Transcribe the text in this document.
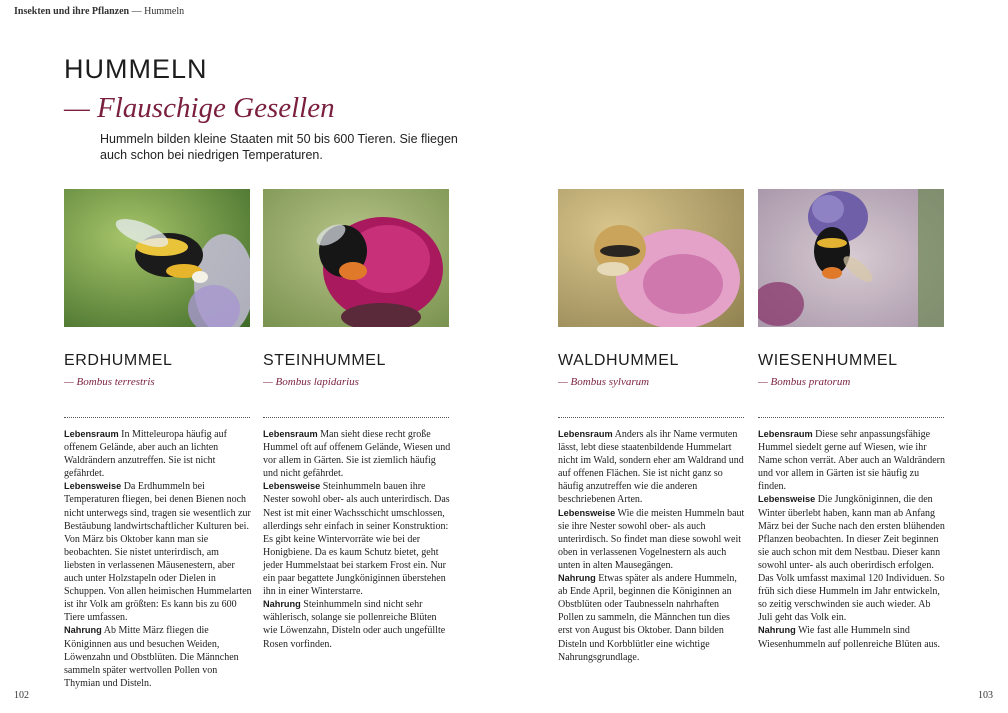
Insekten und ihre Pflanzen — Hummeln
HUMMELN
— Flauschige Gesellen
Hummeln bilden kleine Staaten mit 50 bis 600 Tieren. Sie fliegen auch schon bei niedrigen Temperaturen.
ERDHUMMEL
— Bombus terrestris

Lebensraum In Mitteleuropa häufig auf offenem Gelände, aber auch an lichten Waldrändern anzutreffen. Sie ist nicht gefährdet.

Lebensweise Da Erdhummeln bei Temperaturen fliegen, bei denen Bienen noch nicht unterwegs sind, tragen sie wesentlich zur Bestäubung landwirtschaftlicher Kulturen bei. Von März bis Oktober kann man sie beobachten. Sie nistet unterirdisch, am liebsten in verlassenen Mäusenestern, aber auch unter Holzstapeln oder Dielen in Schuppen. Von allen heimischen Hummelarten ist ihr Volk am größten: Es kann bis zu 600 Tiere umfassen.

Nahrung Ab Mitte März fliegen die Königinnen aus und besuchen Weiden, Löwenzahn und Obstblüten. Die Männchen sammeln später wertvollen Pollen von Thymian und Disteln.

STEINHUMMEL
— Bombus lapidarius

Lebensraum Man sieht diese recht große Hummel oft auf offenem Gelände, Wiesen und vor allem in Gärten. Sie ist ziemlich häufig und nicht gefährdet.

Lebensweise Steinhummeln bauen ihre Nester sowohl ober- als auch unterirdisch. Das Nest ist mit einer Wachsschicht umschlossen, allerdings sehr einfach in seiner Konstruktion: Es gibt keine Wintervorräte wie bei der Honigbiene. Da es kaum Schutz bietet, geht jeder Hummelstaat bei starkem Frost ein. Nur ein paar begattete Jungköniginnen überstehen ihn in einer Winterstarre.

Nahrung Steinhummeln sind nicht sehr wählerisch, solange sie pollenreiche Blüten wie Löwenzahn, Disteln oder auch ungefüllte Rosen vorfinden.

WALDHUMMEL
— Bombus sylvarum

Lebensraum Anders als ihr Name vermuten lässt, lebt diese staatenbildende Hummelart nicht im Wald, sondern eher am Waldrand und auf offenen Flächen. Sie ist nicht ganz so häufig anzutreffen wie die anderen beschriebenen Arten.

Lebensweise Wie die meisten Hummeln baut sie ihre Nester sowohl ober- als auch unterirdisch. So findet man diese sowohl weit oben in verlassenen Vogelnestern als auch unten in alten Mausegängen.

Nahrung Etwas später als andere Hummeln, ab Ende April, beginnen die Königinnen an Obstblüten oder Taubnesseln nahrhaften Pollen zu sammeln, die Männchen tun dies erst von August bis Oktober. Dann bilden Disteln und Korbblütler eine wichtige Nahrungsgrundlage.

WIESENHUMMEL
— Bombus pratorum

Lebensraum Diese sehr anpassungsfähige Hummel siedelt gerne auf Wiesen, wie ihr Name schon verrät. Aber auch an Waldrändern und vor allem in Gärten ist sie häufig zu finden.

Lebensweise Die Jungköniginnen, die den Winter überlebt haben, kann man ab Anfang März bei der Suche nach den ersten blühenden Pflanzen beobachten. In dieser Zeit beginnen sie auch schon mit dem Nestbau. Dieser kann sowohl unter- als auch oberirdisch erfolgen. Das Volk umfasst maximal 120 Individuen. So früh sich diese Hummeln im Jahr entwickeln, so zeitig verschwinden sie auch wieder. Ab Juli geht das Volk ein.

Nahrung Wie fast alle Hummeln sind Wiesenhummeln auf pollenreiche Blüten aus.

102	103
